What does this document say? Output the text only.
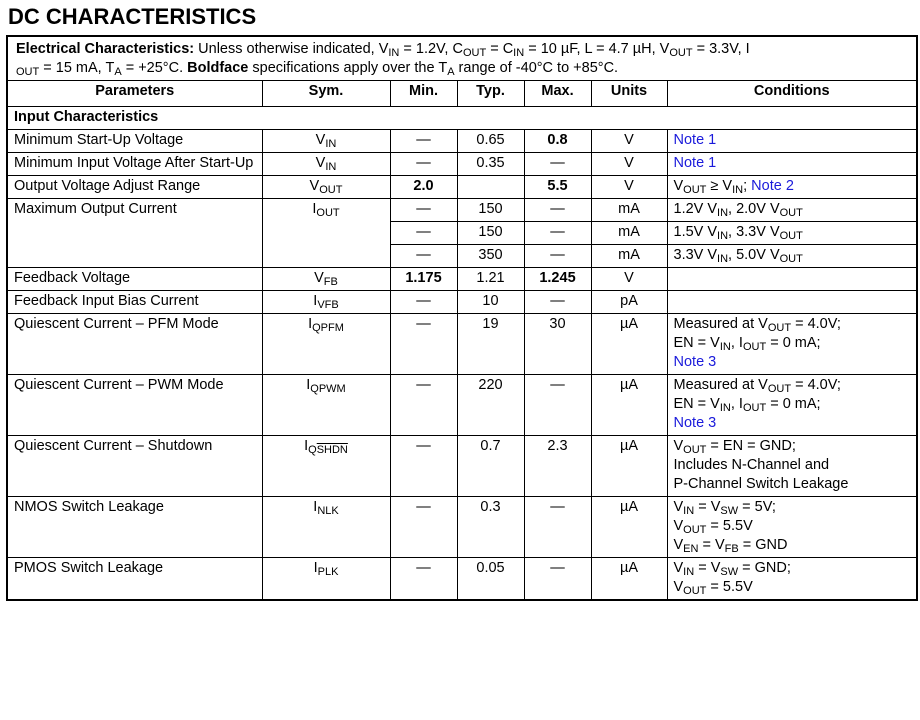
DC CHARACTERISTICS
Electrical Characteristics: Unless otherwise indicated, $V_{IN} = 1.2V$, $C_{OUT} = C_{IN} = 10$ µF, L = 4.7 µH, $V_{OUT} = 3.3V$, I
$_{OUT}$ = 15 mA, $T_A = +25^\circ C$. Boldface specifications apply over the $T_A$ range of -40°C to +85°C.						
Parameters	Sym.	Min.	Typ.	Max.	Units	Conditions
Input Characteristics						
Minimum Start-Up Voltage	$V_{IN}$	—	0.65	0.8	V	Note 1
Minimum Input Voltage After Start-Up	$V_{IN}$	—	0.35	—	V	Note 1
Output Voltage Adjust Range	$V_{OUT}$	2.0		5.5	V	$V_{OUT} \ge V_{IN}$; Note 2
Maximum Output Current	$I_{OUT}$	—	150	—	mA	1.2V $V_{IN}$, 2.0V $V_{OUT}$
		—	150	—	mA	1.5V $V_{IN}$, 3.3V $V_{OUT}$
		—	350	—	mA	3.3V $V_{IN}$, 5.0V $V_{OUT}$
Feedback Voltage	$V_{FB}$	1.175	1.21	1.245	V	
Feedback Input Bias Current	$I_{VFB}$	—	10	—	pA	
Quiescent Current – PFM Mode	$I_{QPFM}$	—	19	30	µA	Measured at $V_{OUT} = 4.0V$;
EN = $V_{IN}$, $I_{OUT} = 0$ mA;
Note 3
Quiescent Current – PWM Mode	$I_{QPWM}$	—	220	—	µA	Measured at $V_{OUT} = 4.0V$;
EN = $V_{IN}$, $I_{OUT} = 0$ mA;
Note 3
Quiescent Current – Shutdown	$I_{QSHDN}$	—	0.7	2.3	µA	$V_{OUT}$ = EN = GND;
Includes N-Channel and
P-Channel Switch Leakage
NMOS Switch Leakage	$I_{NLK}$	—	0.3	—	µA	$V_{IN} = V_{SW} = 5V$;
$V_{OUT} = 5.5V$
$V_{EN} = V_{FB}$ = GND
PMOS Switch Leakage	$I_{PLK}$	—	0.05	—	µA	$V_{IN} = V_{SW}$ = GND;
$V_{OUT} = 5.5V$
